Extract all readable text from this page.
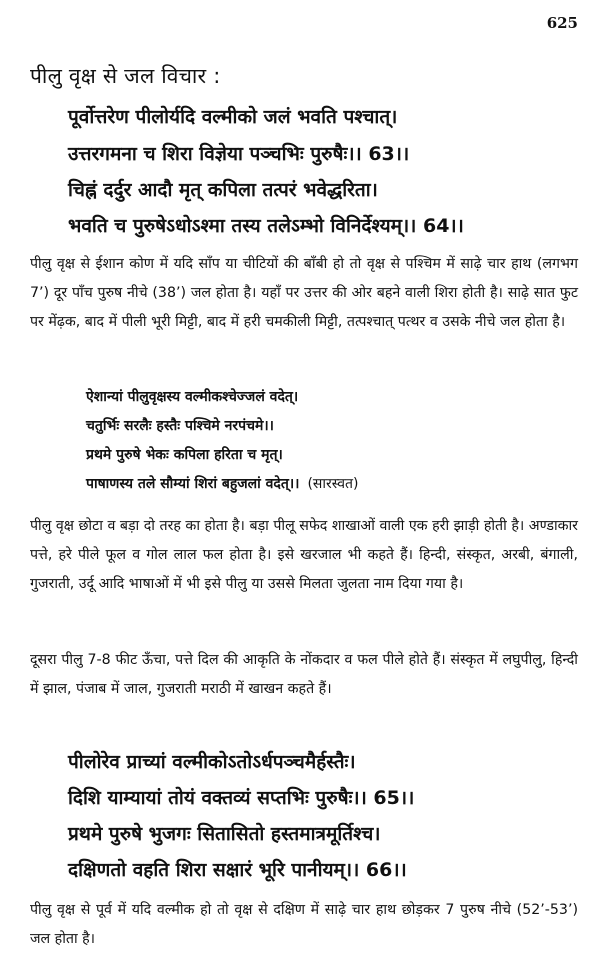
625
पीलु वृक्ष से जल विचार :
पूर्वोत्तरेण पीलोर्यदि वल्मीको जलं भवति पश्चात्।
उत्तरगमना च शिरा विज्ञेया पञ्चभिः पुरुषैः।। 63।।
चिह्नं दर्दुर आदौ मृत्‌ कपिला तत्परं भवेद्धरिता।
भवति च पुरुषेऽधोऽश्मा तस्य तलेऽम्भो विनिर्देश्यम्।। 64।।

पीलु वृक्ष से ईशान कोण में यदि साँप या चीटियों की बाँबी हो तो वृक्ष से पश्चिम में साढ़े चार हाथ (लगभग 7’) दूर पाँच पुरुष नीचे (38’) जल होता है। यहाँ पर उत्तर की ओर बहने वाली शिरा होती है। साढ़े सात फुट पर मेंढ़क, बाद में पीली भूरी मिट्टी, बाद में हरी चमकीली मिट्टी, तत्पश्चात्‌ पत्थर व उसके नीचे जल होता है।

ऐशान्यां पीलुवृक्षस्य वल्मीकश्चेज्जलं वदेत्।
चतुर्भिः सरलैः हस्तैः पश्चिमे नरपंचमे।।
प्रथमे पुरुषे भेकः कपिला हरिता च मृत्।
पाषाणस्य तले सौम्यां शिरां बहुजलां वदेत्।। (सारस्वत)

पीलु वृक्ष छोटा व बड़ा दो तरह का होता है। बड़ा पीलू सफेद शाखाओं वाली एक हरी झाड़ी होती है। अण्डाकार पत्ते, हरे पीले फूल व गोल लाल फल होता है। इसे खरजाल भी कहते हैं। हिन्दी, संस्कृत, अरबी, बंगाली, गुजराती, उर्दू आदि भाषाओं में भी इसे पीलु या उससे मिलता जुलता नाम दिया गया है।

दूसरा पीलु 7-8 फीट ऊँचा, पत्ते दिल की आकृति के नोंकदार व फल पीले होते हैं। संस्कृत में लघुपीलु, हिन्दी में झाल, पंजाब में जाल, गुजराती मराठी में खाखन कहते हैं।

पीलोरेव प्राच्यां वल्मीकोऽतोऽर्धपञ्चमैर्हस्तैः।
दिशि याम्यायां तोयं वक्तव्यं सप्तभिः पुरुषैः।। 65।।
प्रथमे पुरुषे भुजगः सितासितो हस्तमात्रमूर्तिश्च।
दक्षिणतो वहति शिरा सक्षारं भूरि पानीयम्।। 66।।

पीलु वृक्ष से पूर्व में यदि वल्मीक हो तो वृक्ष से दक्षिण में साढ़े चार हाथ छोड़कर 7 पुरुष नीचे (52’-53’) जल होता है।
